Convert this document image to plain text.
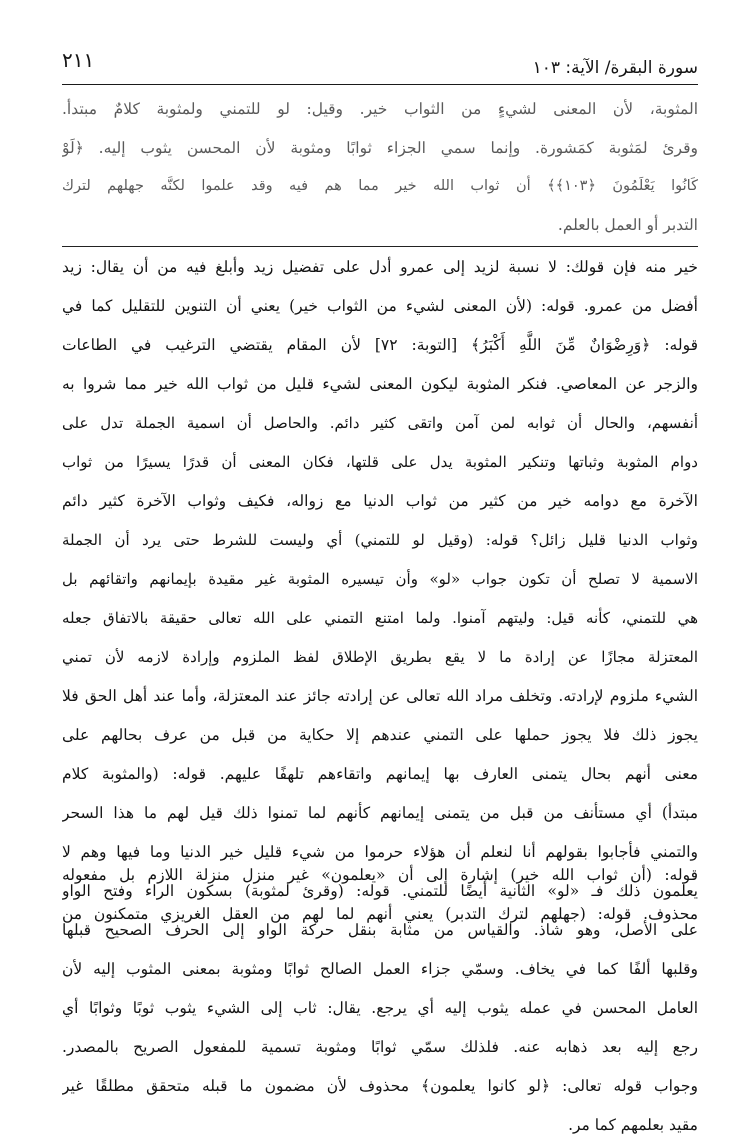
سورة البقرة/ الآية: ١٠٣
٢١١
المثوبة، لأن المعنى لشيءٍ من الثواب خير. وقيل: لو للتمني ولمثوبة كلامٌ مبتدأ.
وقرئ لمَثوبة كمَشورة. وإنما سمي الجزاء ثوابًا ومثوبة لأن المحسن يثوب إليه. ﴿لَوْ
كَانُوا يَعْلَمُونَ ﴿١٠٣﴾﴾ أن ثواب الله خير مما هم فيه وقد علموا لكنَّه جهلهم لترك
التدبر أو العمل بالعلم.
خير منه فإن قولك: لا نسبة لزيد إلى عمرو أدل على تفضيل زيد وأبلغ فيه من أن يقال: زيد
أفضل من عمرو. قوله: (لأن المعنى لشيء من الثواب خير) يعني أن التنوين للتقليل كما في
قوله: ﴿وَرِضْوَانٌ مِّنَ اللَّهِ أَكْبَرُ﴾ [التوبة: ٧٢] لأن المقام يقتضي الترغيب في الطاعات
والزجر عن المعاصي. فنكر المثوبة ليكون المعنى لشيء قليل من ثواب الله خير مما شروا به
أنفسهم، والحال أن ثوابه لمن آمن واتقى كثير دائم. والحاصل أن اسمية الجملة تدل على
دوام المثوبة وثباتها وتنكير المثوبة يدل على قلتها، فكان المعنى أن قدرًا يسيرًا من ثواب
الآخرة مع دوامه خير من كثير من ثواب الدنيا مع زواله، فكيف وثواب الآخرة كثير دائم
وثواب الدنيا قليل زائل؟ قوله: (وقيل لو للتمني) أي وليست للشرط حتى يرد أن الجملة
الاسمية لا تصلح أن تكون جواب «لو» وأن تيسيره المثوبة غير مقيدة بإيمانهم واتقائهم بل
هي للتمني، كأنه قيل: وليتهم آمنوا. ولما امتنع التمني على الله تعالى حقيقة بالاتفاق جعله
المعتزلة مجازًا عن إرادة ما لا يقع بطريق الإطلاق لفظ الملزوم وإرادة لازمه لأن تمني
الشيء ملزوم لإرادته. وتخلف مراد الله تعالى عن إرادته جائز عند المعتزلة، وأما عند أهل الحق فلا
يجوز ذلك فلا يجوز حملها على التمني عندهم إلا حكاية من قبل من عرف بحالهم على
معنى أنهم بحال يتمنى العارف بها إيمانهم واتقاءهم تلهفًا عليهم. قوله: (والمثوبة كلام
مبتدأ) أي مستأنف من قبل من يتمنى إيمانهم كأنهم لما تمنوا ذلك قيل لهم ما هذا السحر
والتمني فأجابوا بقولهم أنا لنعلم أن هؤلاء حرموا من شيء قليل خير الدنيا وما فيها وهم لا
يعلمون ذلك فـ «لو» الثانية أيضًا للتمني. قوله: (وقرئ لمثوبة) بسكون الراء وفتح الواو
على الأصل، وهو شاذ. والقياس من مثابة بنقل حركة الواو إلى الحرف الصحيح قبلها
وقلبها ألفًا كما في يخاف. وسمّي جزاء العمل الصالح ثوابًا ومثوبة بمعنى المثوب إليه لأن
العامل المحسن في عمله يثوب إليه أي يرجع. يقال: ثاب إلى الشيء يثوب ثوبًا وثوابًا أي
رجع إليه بعد ذهابه عنه. فلذلك سمّي ثوابًا ومثوبة تسمية للمفعول الصريح بالمصدر.
وجواب قوله تعالى: ﴿لو كانوا يعلمون﴾ محذوف لأن مضمون ما قبله متحقق مطلقًا غير
مقيد بعلمهم كما مر.
قوله: (أن ثواب الله خير) إشارة إلى أن «يعلمون» غير منزل منزلة اللازم بل مفعوله
محذوف. قوله: (جهلهم لترك التدبر) يعني أنهم لما لهم من العقل الغريزي متمكنون من
